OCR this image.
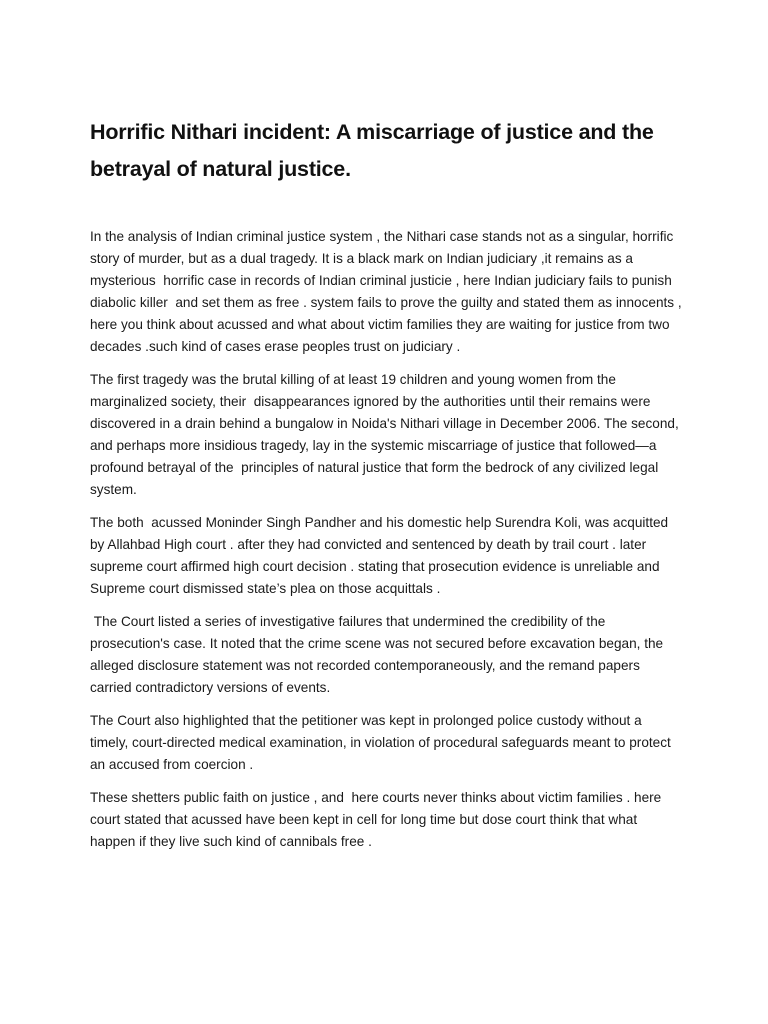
Horrific Nithari incident: A miscarriage of justice and the betrayal of natural justice.

In the analysis of Indian criminal justice system , the Nithari case stands not as a singular, horrific story of murder, but as a dual tragedy. It is a black mark on Indian judiciary ,it remains as a mysterious  horrific case in records of Indian criminal justicie , here Indian judiciary fails to punish diabolic killer  and set them as free . system fails to prove the guilty and stated them as innocents , here you think about acussed and what about victim families they are waiting for justice from two decades .such kind of cases erase peoples trust on judiciary .

The first tragedy was the brutal killing of at least 19 children and young women from the marginalized society, their  disappearances ignored by the authorities until their remains were discovered in a drain behind a bungalow in Noida's Nithari village in December 2006. The second, and perhaps more insidious tragedy, lay in the systemic miscarriage of justice that followed—a profound betrayal of the  principles of natural justice that form the bedrock of any civilized legal system.

The both  acussed Moninder Singh Pandher and his domestic help Surendra Koli, was acquitted by Allahbad High court . after they had convicted and sentenced by death by trail court . later  supreme court affirmed high court decision . stating that prosecution evidence is unreliable and  Supreme court dismissed state’s plea on those acquittals .

The Court listed a series of investigative failures that undermined the credibility of the prosecution's case. It noted that the crime scene was not secured before excavation began, the alleged disclosure statement was not recorded contemporaneously, and the remand papers carried contradictory versions of events.

The Court also highlighted that the petitioner was kept in prolonged police custody without a timely, court-directed medical examination, in violation of procedural safeguards meant to protect an accused from coercion .

These shetters public faith on justice , and  here courts never thinks about victim families . here court stated that acussed have been kept in cell for long time but dose court think that what happen if they live such kind of cannibals free .
